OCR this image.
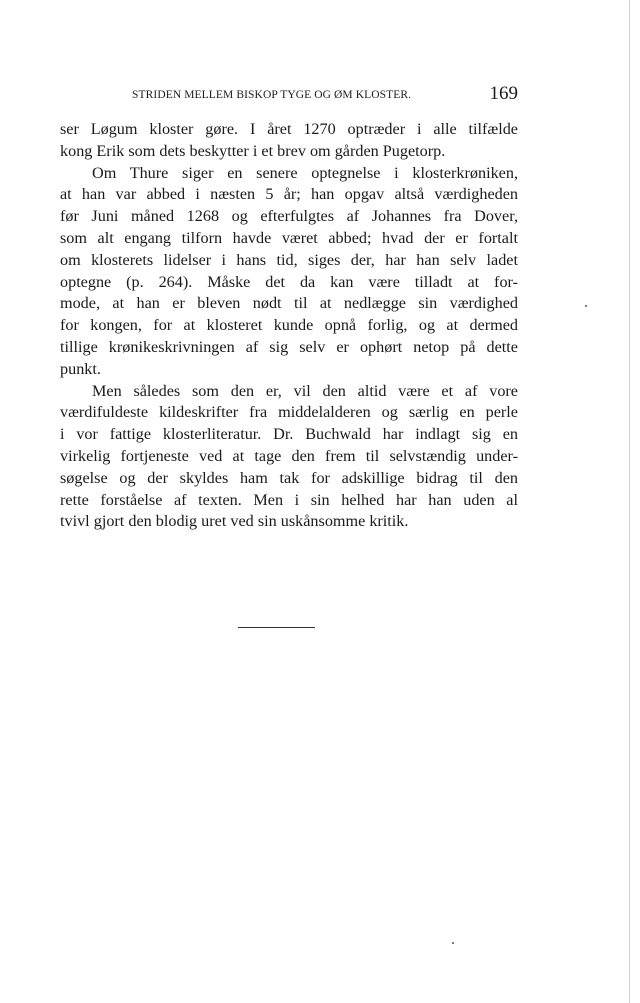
STRIDEN MELLEM BISKOP TYGE OG ØM KLOSTER.	169

ser Løgum kloster gøre. I året 1270 optræder i alle tilfælde
kong Erik som dets beskytter i et brev om gården Pugetorp.

Om Thure siger en senere optegnelse i klosterkrøniken,
at han var abbed i næsten 5 år; han opgav altså værdigheden
før Juni måned 1268 og efterfulgtes af Johannes fra Dover,
som alt engang tilforn havde været abbed; hvad der er fortalt
om klosterets lidelser i hans tid, siges der, har han selv ladet
optegne (p. 264). Måske det da kan være tilladt at for-
mode, at han er bleven nødt til at nedlægge sin værdighed
for kongen, for at klosteret kunde opnå forlig, og at dermed
tillige krønikeskrivningen af sig selv er ophørt netop på dette
punkt.

Men således som den er, vil den altid være et af vore
værdifuldeste kildeskrifter fra middelalderen og særlig en perle
i vor fattige klosterliteratur. Dr. Buchwald har indlagt sig en
virkelig fortjeneste ved at tage den frem til selvstændig under-
søgelse og der skyldes ham tak for adskillige bidrag til den
rette forståelse af texten. Men i sin helhed har han uden al
tvivl gjort den blodig uret ved sin uskånsomme kritik.
